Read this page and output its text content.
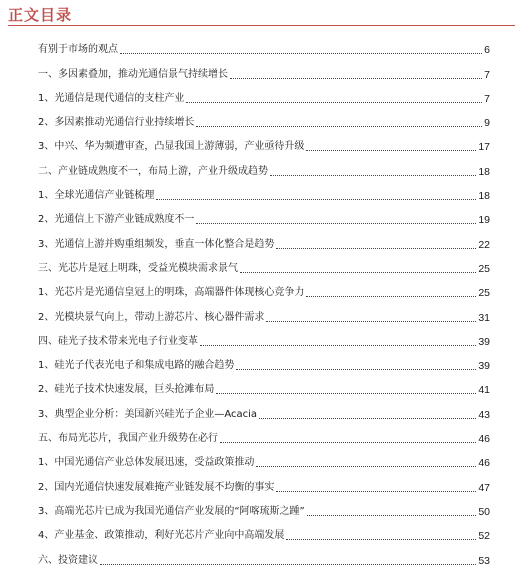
正文目录
有别于市场的观点	6
一、多因素叠加，推动光通信景气持续增长	7
1、光通信是现代通信的支柱产业	7
2、多因素推动光通信行业持续增长	9
3、中兴、华为频遭审查，凸显我国上游薄弱，产业亟待升级	17
二、产业链成熟度不一，布局上游，产业升级成趋势	18
1、全球光通信产业链梳理	18
2、光通信上下游产业链成熟度不一	19
3、光通信上游并购重组频发，垂直一体化整合是趋势	22
三、光芯片是冠上明珠，受益光模块需求景气	25
1、光芯片是光通信皇冠上的明珠，高端器件体现核心竞争力	25
2、光模块景气向上，带动上游芯片、核心器件需求	31
四、硅光子技术带来光电子行业变革	39
1、硅光子代表光电子和集成电路的融合趋势	39
2、硅光子技术快速发展，巨头抢滩布局	41
3、典型企业分析：美国新兴硅光子企业—Acacia	43
五、布局光芯片，我国产业升级势在必行	46
1、中国光通信产业总体发展迅速，受益政策推动	46
2、国内光通信快速发展难掩产业链发展不均衡的事实	47
3、高端光芯片已成为我国光通信产业发展的“阿喀琉斯之踵”	50
4、产业基金、政策推动，利好光芯片产业向中高端发展	52
六、投资建议	53
